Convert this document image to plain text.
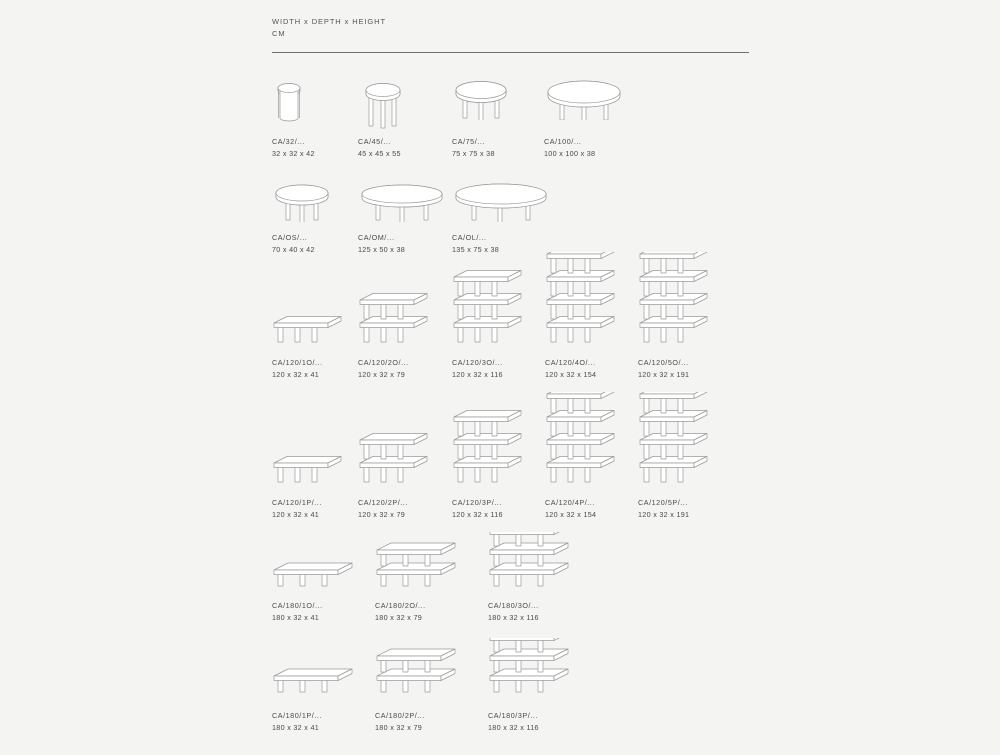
WIDTH x DEPTH x HEIGHT
CM
CA/32/...
32 x 32 x 42
CA/45/...
45 x 45 x 55
CA/75/...
75 x 75 x 38
CA/100/...
100 x 100 x 38
CA/OS/...
70 x 40 x 42
CA/OM/...
125 x 50 x 38
CA/OL/...
135 x 75 x 38
CA/120/1O/...
120 x 32 x 41
CA/120/2O/...
120 x 32 x 79
CA/120/3O/...
120 x 32 x 116
CA/120/4O/...
120 x 32 x 154
CA/120/5O/...
120 x 32 x 191
CA/120/1P/...
120 x 32 x 41
CA/120/2P/...
120 x 32 x 79
CA/120/3P/...
120 x 32 x 116
CA/120/4P/...
120 x 32 x 154
CA/120/5P/...
120 x 32 x 191
CA/180/1O/...
180 x 32 x 41
CA/180/2O/...
180 x 32 x 79
CA/180/3O/...
180 x 32 x 116
CA/180/1P/...
180 x 32 x 41
CA/180/2P/...
180 x 32 x 79
CA/180/3P/...
180 x 32 x 116
